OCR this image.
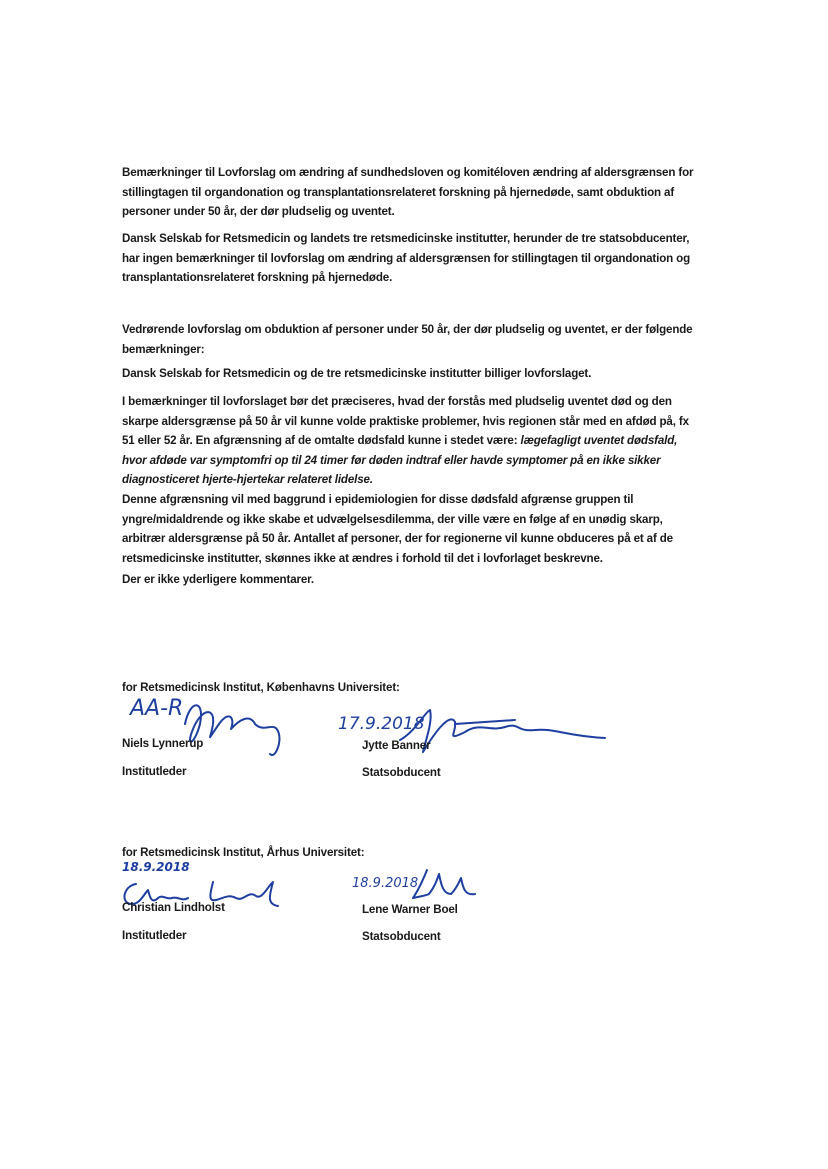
Bemærkninger til Lovforslag om ændring af sundhedsloven og komitéloven ændring af aldersgrænsen for
stillingtagen til organdonation og transplantationsrelateret forskning på hjernedøde, samt obduktion af
personer under 50 år, der dør pludselig og uventet.

Dansk Selskab for Retsmedicin og landets tre retsmedicinske institutter, herunder de tre statsobducenter,
har ingen bemærkninger til lovforslag om ændring af aldersgrænsen for stillingtagen til organdonation og
transplantationsrelateret forskning på hjernedøde.

Vedrørende lovforslag om obduktion af personer under 50 år, der dør pludselig og uventet, er der følgende
bemærkninger:

Dansk Selskab for Retsmedicin og de tre retsmedicinske institutter billiger lovforslaget.

I bemærkninger til lovforslaget bør det præciseres, hvad der forstås med pludselig uventet død og den
skarpe aldersgrænse på 50 år vil kunne volde praktiske problemer, hvis regionen står med en afdød på, fx
51 eller 52 år. En afgrænsning af de omtalte dødsfald kunne i stedet være: lægefagligt uventet dødsfald,
hvor afdøde var symptomfri op til 24 timer før døden indtraf eller havde symptomer på en ikke sikker
diagnosticeret hjerte-hjertekar relateret lidelse.

Denne afgrænsning vil med baggrund i epidemiologien for disse dødsfald afgrænse gruppen til
yngre/midaldrende og ikke skabe et udvælgelsesdilemma, der ville være en følge af en unødig skarp,
arbitrær aldersgrænse på 50 år. Antallet af personer, der for regionerne vil kunne obduceres på et af de
retsmedicinske institutter, skønnes ikke at ændres i forhold til det i lovforlaget beskrevne.

Der er ikke yderligere kommentarer.

for Retsmedicinsk Institut, Københavns Universitet:
AA-R
Niels Lynnerup
Institutleder
17.9.2018
Jytte Banner
Statsobducent
for Retsmedicinsk Institut, Århus Universitet:
18.9.2018
Christian Lindholst
Institutleder
18.9.2018
Lene Warner Boel
Statsobducent
